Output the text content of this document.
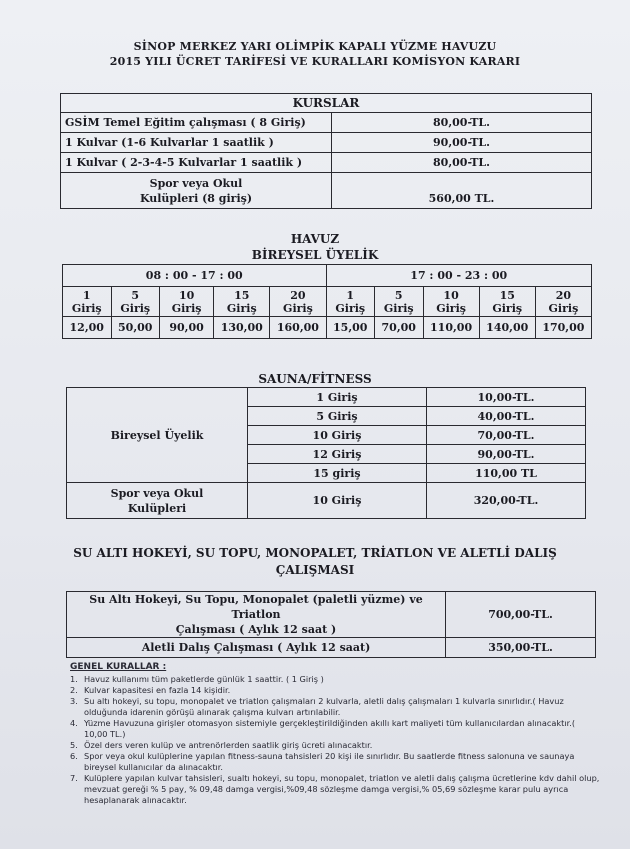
SİNOP MERKEZ YARI OLİMPİK KAPALI YÜZME HAVUZU
2015 YILI ÜCRET TARİFESİ VE KURALLARI KOMİSYON KARARI
KURSLAR	
GSİM Temel Eğitim çalışması ( 8 Giriş)	80,00-TL.
1 Kulvar (1-6 Kulvarlar 1 saatlik )	90,00-TL.
1 Kulvar ( 2-3-4-5 Kulvarlar 1 saatlik )	80,00-TL.

Spor veya Okul
Kulüpleri (8 giriş)	560,00 TL.
HAVUZ
BİREYSEL ÜYELİK
08 : 00 - 17 : 00					17 : 00 - 23 : 00				
1 Giriş	5 Giriş	10 Giriş	15 Giriş	20 Giriş	1 Giriş	5 Giriş	10 Giriş	15 Giriş	20 Giriş
12,00	50,00	90,00	130,00	160,00	15,00	70,00	110,00	140,00	170,00
SAUNA/FİTNESS
Bireysel Üyelik	1 Giriş	10,00-TL.
	5 Giriş	40,00-TL.
	10 Giriş	70,00-TL.
	12 Giriş	90,00-TL.
	15 giriş	110,00 TL

Spor veya Okul
Kulüpleri	10 Giriş	320,00-TL.
SU ALTI HOKEYİ, SU TOPU, MONOPALET, TRİATLON VE ALETLİ DALIŞ
ÇALIŞMASI
Su Altı Hokeyi, Su Topu, Monopalet (paletli yüzme) ve Triatlon
Çalışması ( Aylık 12 saat )	700,00-TL.
Aletli Dalış Çalışması ( Aylık 12 saat)	350,00-TL.
GENEL KURALLAR :
1. Havuz kullanımı tüm paketlerde günlük 1 saattir. ( 1 Giriş )
2. Kulvar kapasitesi en fazla 14 kişidir.
3. Su altı hokeyi, su topu, monopalet ve triatlon çalışmaları 2 kulvarla, aletli dalış çalışmaları 1 kulvarla sınırlıdır.( Havuz olduğunda idarenin görüşü alınarak çalışma kulvarı artırılabilir.
4. Yüzme Havuzuna girişler otomasyon sistemiyle gerçekleştirildiğinden akıllı kart maliyeti tüm kullanıcılardan alınacaktır.( 10,00 TL.)
5. Özel ders veren kulüp ve antrenörlerden saatlik giriş ücreti alınacaktır.
6. Spor veya okul kulüplerine yapılan fitness-sauna tahsisleri 20 kişi ile sınırlıdır. Bu saatlerde fitness salonuna ve saunaya bireysel kullanıcılar da alınacaktır.
7. Kulüplere yapılan kulvar tahsisleri, sualtı hokeyi, su topu, monopalet, triatlon ve aletli dalış çalışma ücretlerine kdv dahil olup, mevzuat gereği % 5 pay, % 09,48 damga vergisi,%09,48 sözleşme damga vergisi,% 05,69 sözleşme karar pulu ayrıca hesaplanarak alınacaktır.
